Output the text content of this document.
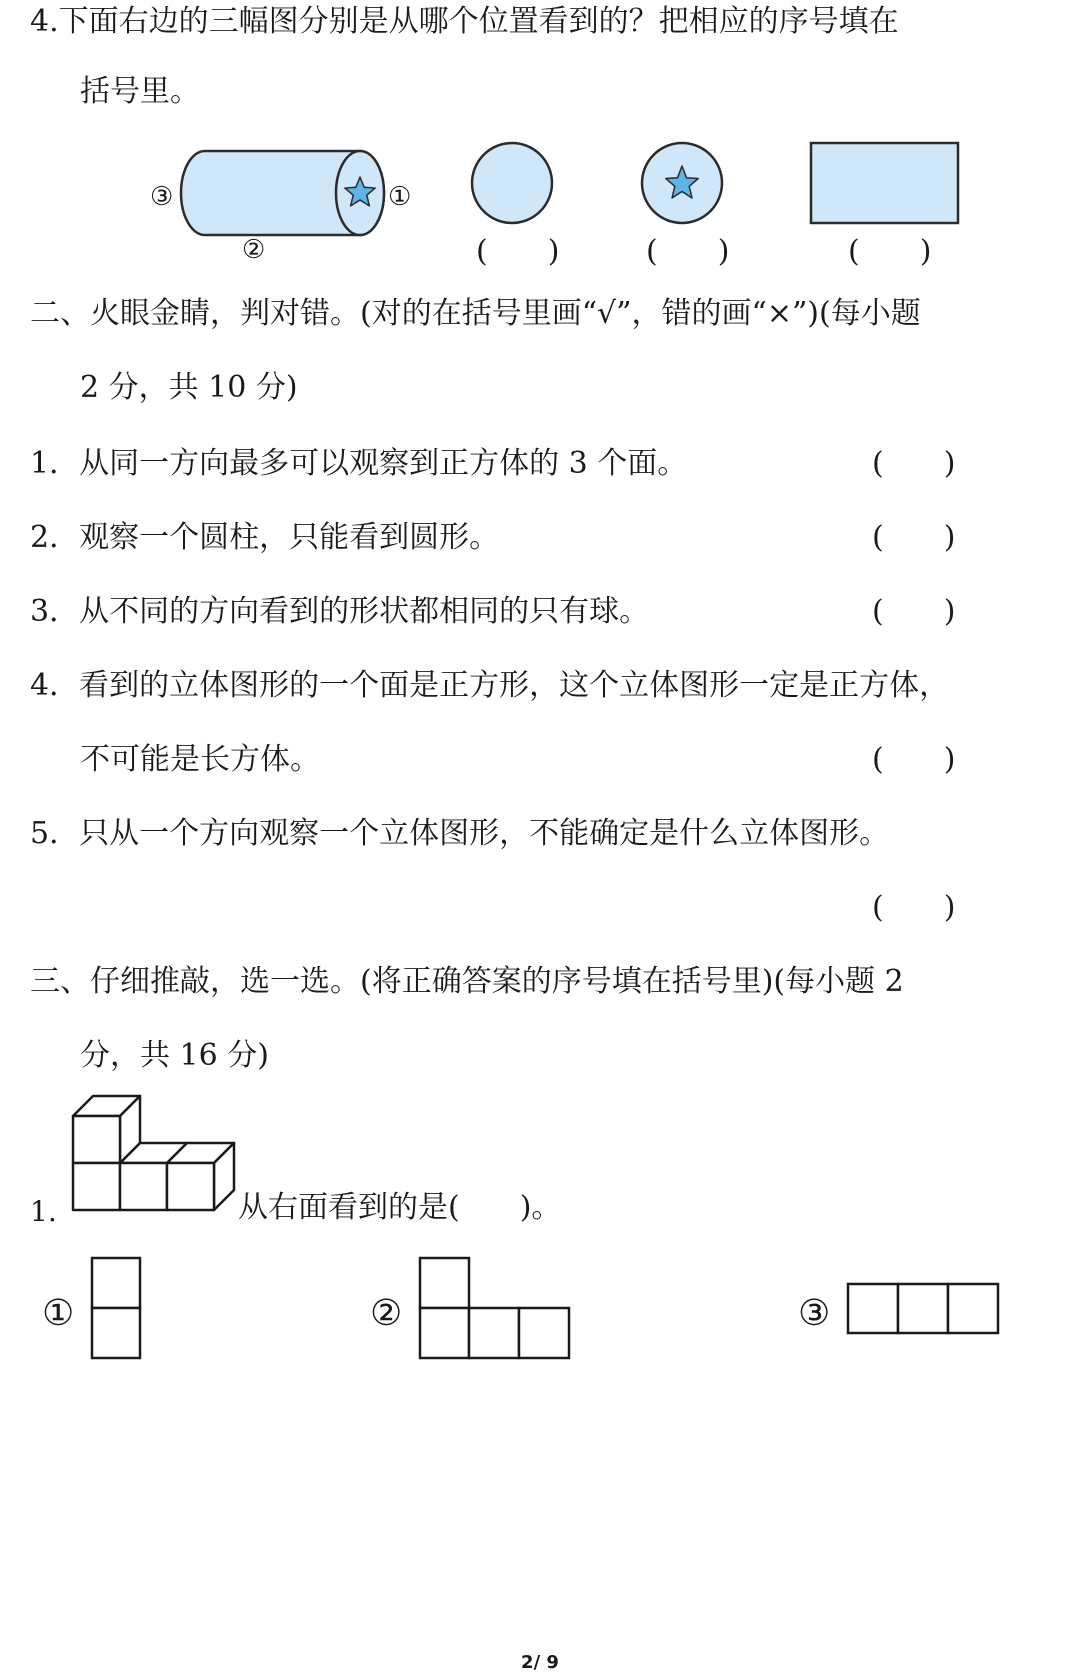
4.下面右边的三幅图分别是从哪个位置看到的？把相应的序号填在
括号里。
③	①
②
①	②	③
(　　)	(　　)	(　　)
二、火眼金睛，判对错。(对的在括号里画“√”，错的画“×”)(每小题
2 分，共 10 分)
1．从同一方向最多可以观察到正方体的 3 个面。	(　　)
2．观察一个圆柱，只能看到圆形。	(　　)
3．从不同的方向看到的形状都相同的只有球。	(　　)
4．看到的立体图形的一个面是正方形，这个立体图形一定是正方体，
不可能是长方体。	(　　)
5．只从一个方向观察一个立体图形，不能确定是什么立体图形。
(　　)
三、仔细推敲，选一选。(将正确答案的序号填在括号里)(每小题 2
分，共 16 分)
1.	从右面看到的是(　　)。
2/ 9
